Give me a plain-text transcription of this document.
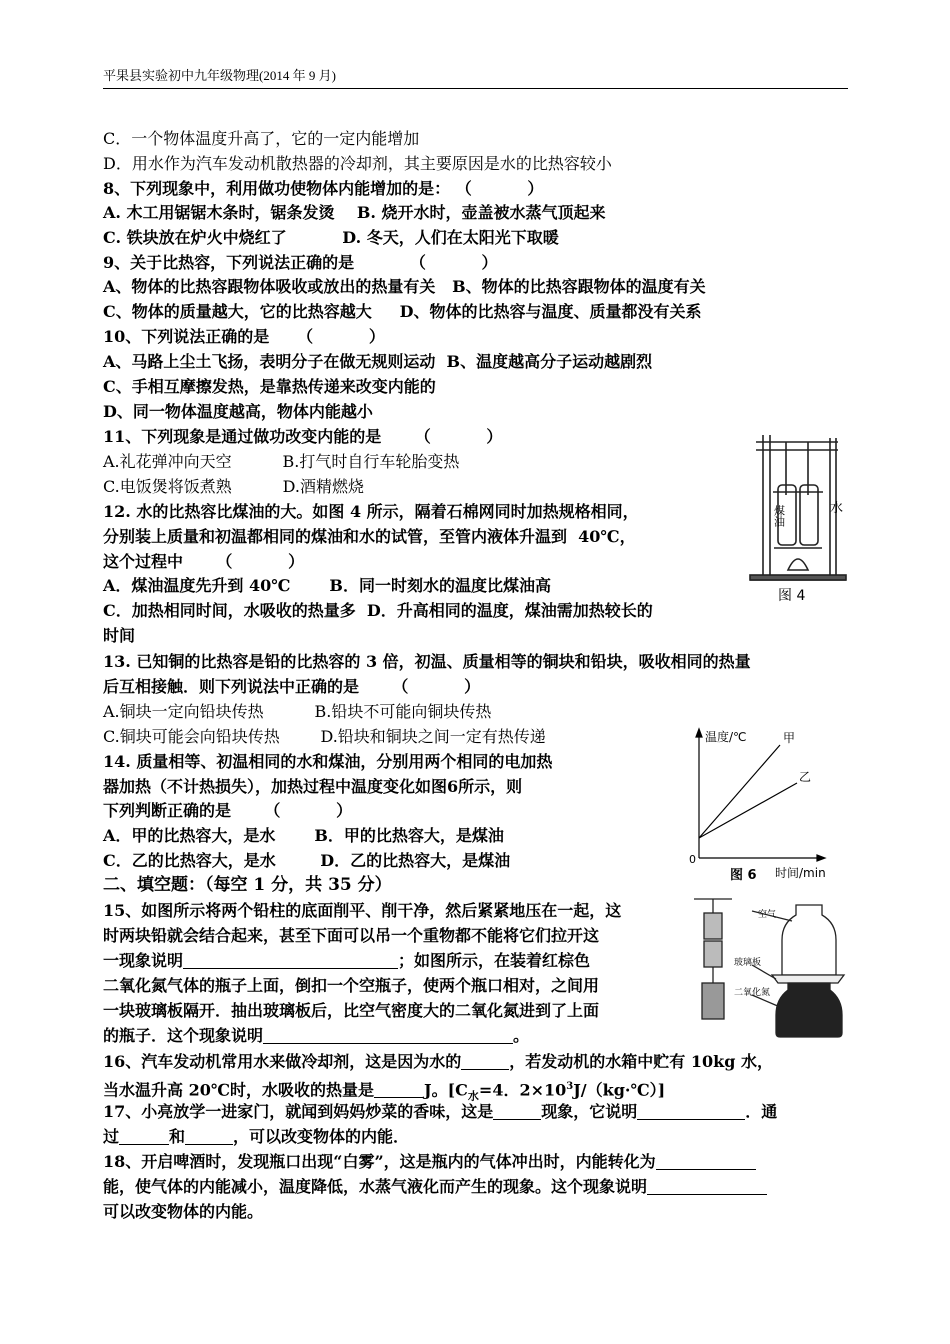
平果县实验初中九年级物理(2014 年 9 月)
C．一个物体温度升高了，它的一定内能增加
D．用水作为汽车发动机散热器的冷却剂，其主要原因是水的比热容较小
8、下列现象中，利用做功使物体内能增加的是： （          ）
A. 木工用锯锯木条时，锯条发烫    B. 烧开水时，壶盖被水蒸气顶起来
C. 铁块放在炉火中烧红了          D. 冬天，人们在太阳光下取暖
9、关于比热容，下列说法正确的是          （          ）
A、物体的比热容跟物体吸收或放出的热量有关   B、物体的比热容跟物体的温度有关
C、物体的质量越大，它的比热容越大     D、物体的比热容与温度、质量都没有关系
10、下列说法正确的是     （          ）
A、马路上尘土飞扬，表明分子在做无规则运动  B、温度越高分子运动越剧烈
C、手相互摩擦发热，是靠热传递来改变内能的
D、同一物体温度越高，物体内能越小
11、下列现象是通过做功改变内能的是      （          ）
A.礼花弹冲向天空          B.打气时自行车轮胎变热
C.电饭煲将饭煮熟          D.酒精燃烧
12. 水的比热容比煤油的大。如图 4 所示，隔着石棉网同时加热规格相同，
分别装上质量和初温都相同的煤油和水的试管，至管内液体升温到  40℃，
这个过程中      （          ）
A．煤油温度先升到 40℃       B．同一时刻水的温度比煤油高
C．加热相同时间，水吸收的热量多  D．升高相同的温度，煤油需加热较长的
时间
13. 已知铜的比热容是铅的比热容的 3 倍，初温、质量相等的铜块和铅块，吸收相同的热量
后互相接触．则下列说法中正确的是      （          ）
A.铜块一定向铅块传热          B.铅块不可能向铜块传热
C.铜块可能会向铅块传热        D.铅块和铜块之间一定有热传递
14. 质量相等、初温相同的水和煤油，分别用两个相同的电加热
器加热（不计热损失），加热过程中温度变化如图6所示，则
下列判断正确的是      （          ）
A．甲的比热容大，是水       B．甲的比热容大，是煤油
C．乙的比热容大，是水        D．乙的比热容大，是煤油
二、填空题：（每空 1 分，共 35 分）
15、如图所示将两个铅柱的底面削平、削干净，然后紧紧地压在一起，这
时两块铅就会结合起来，甚至下面可以吊一个重物都不能将它们拉开这
一现象说明	；如图所示，在装着红棕色
二氧化氮气体的瓶子上面，倒扣一个空瓶子，使两个瓶口相对，之间用
一块玻璃板隔开．抽出玻璃板后，比空气密度大的二氧化氮进到了上面
的瓶子．这个现象说明	。
16、汽车发动机常用水来做冷却剂，这是因为水的	，若发动机的水箱中贮有 10kg 水，
当水温升高 20℃时，水吸收的热量是	J。[$C_水=4$．$2\times 10^3J/(kg\cdot℃)$]
17、小亮放学一进家门，就闻到妈妈炒菜的香味，这是	现象，它说明	．通
过	和	，可以改变物体的内能．
18、开启啤酒时，发现瓶口出现“白雾”，这是瓶内的气体冲出时，内能转化为
能，使气体的内能减小，温度降低，水蒸气液化而产生的现象。这个现象说明
可以改变物体的内能。
煤油	水
图 4
温度/℃	甲
乙
0
图 6 时间/min
空气
玻璃板
二氧化氮
